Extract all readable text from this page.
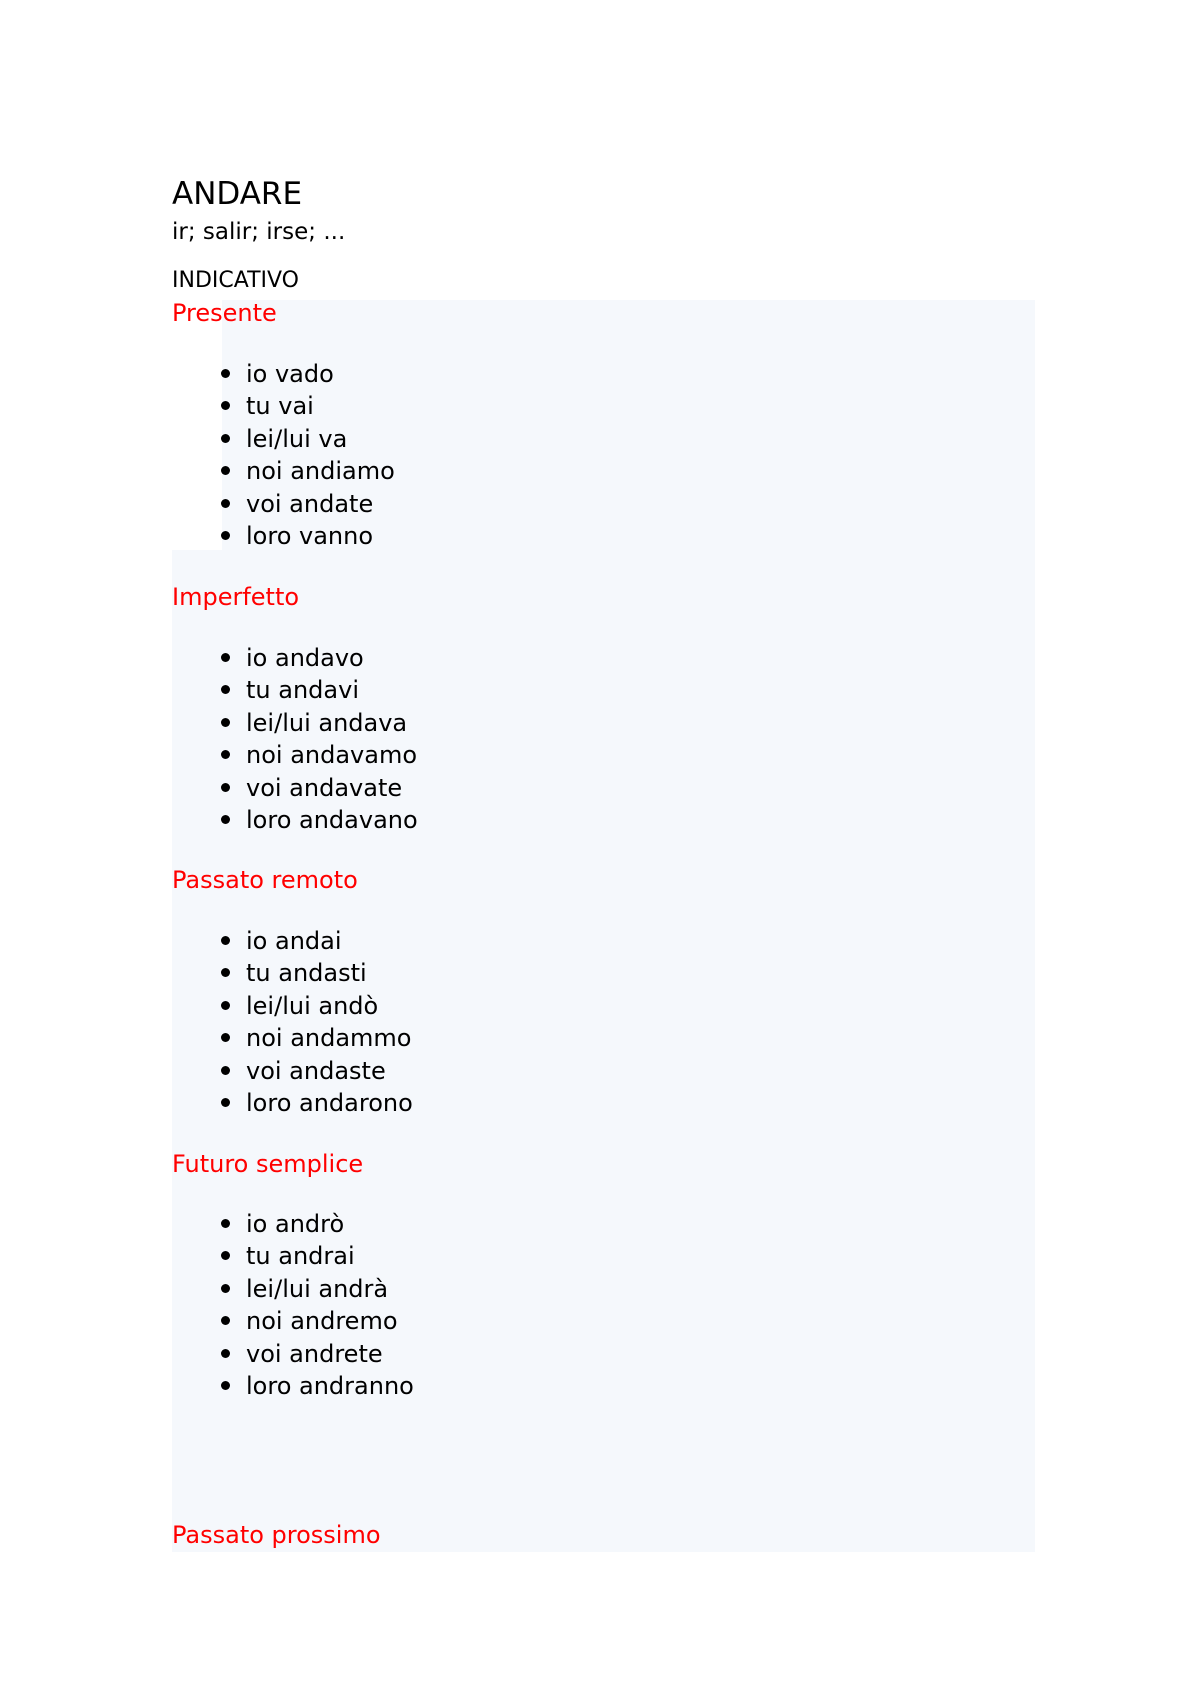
ANDARE
ir; salir; irse; ...
INDICATIVO
Presente
io vado
tu vai
lei/lui va
noi andiamo
voi andate
loro vanno
Imperfetto
io andavo
tu andavi
lei/lui andava
noi andavamo
voi andavate
loro andavano
Passato remoto
io andai
tu andasti
lei/lui andò
noi andammo
voi andaste
loro andarono
Futuro semplice
io andrò
tu andrai
lei/lui andrà
noi andremo
voi andrete
loro andranno
Passato prossimo
